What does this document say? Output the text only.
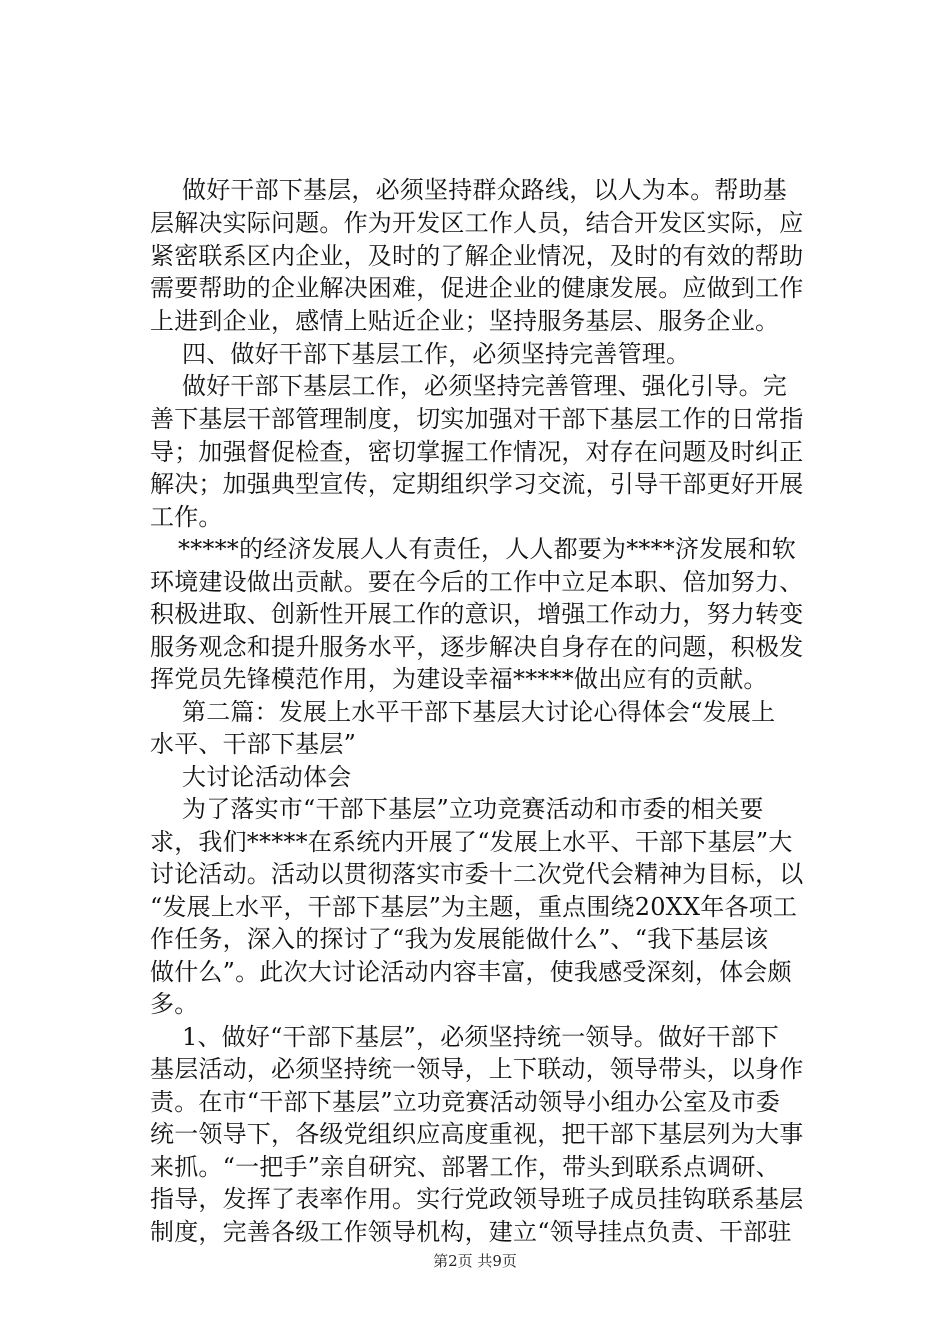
做好干部下基层，必须坚持群众路线，以人为本。帮助基
层解决实际问题。作为开发区工作人员，结合开发区实际，应
紧密联系区内企业，及时的了解企业情况，及时的有效的帮助
需要帮助的企业解决困难，促进企业的健康发展。应做到工作
上进到企业，感情上贴近企业；坚持服务基层、服务企业。
四、做好干部下基层工作，必须坚持完善管理。
做好干部下基层工作，必须坚持完善管理、强化引导。完
善下基层干部管理制度，切实加强对干部下基层工作的日常指
导；加强督促检查，密切掌握工作情况，对存在问题及时纠正
解决；加强典型宣传，定期组织学习交流，引导干部更好开展
工作。
*****的经济发展人人有责任，人人都要为****济发展和软
环境建设做出贡献。要在今后的工作中立足本职、倍加努力、
积极进取、创新性开展工作的意识，增强工作动力，努力转变
服务观念和提升服务水平，逐步解决自身存在的问题，积极发
挥党员先锋模范作用，为建设幸福*****做出应有的贡献。
第二篇：发展上水平干部下基层大讨论心得体会“发展上
水平、干部下基层”
大讨论活动体会
为了落实市“干部下基层”立功竞赛活动和市委的相关要
求，我们*****在系统内开展了“发展上水平、干部下基层”大
讨论活动。活动以贯彻落实市委十二次党代会精神为目标，以
“发展上水平，干部下基层”为主题，重点围绕20XX年各项工
作任务，深入的探讨了“我为发展能做什么”、“我下基层该
做什么”。此次大讨论活动内容丰富，使我感受深刻，体会颇
多。
1、做好“干部下基层”，必须坚持统一领导。做好干部下
基层活动，必须坚持统一领导，上下联动，领导带头，以身作
责。在市“干部下基层”立功竞赛活动领导小组办公室及市委
统一领导下，各级党组织应高度重视，把干部下基层列为大事
来抓。“一把手”亲自研究、部署工作，带头到联系点调研、
指导，发挥了表率作用。实行党政领导班子成员挂钩联系基层
制度，完善各级工作领导机构，建立“领导挂点负责、干部驻
第2页 共9页
